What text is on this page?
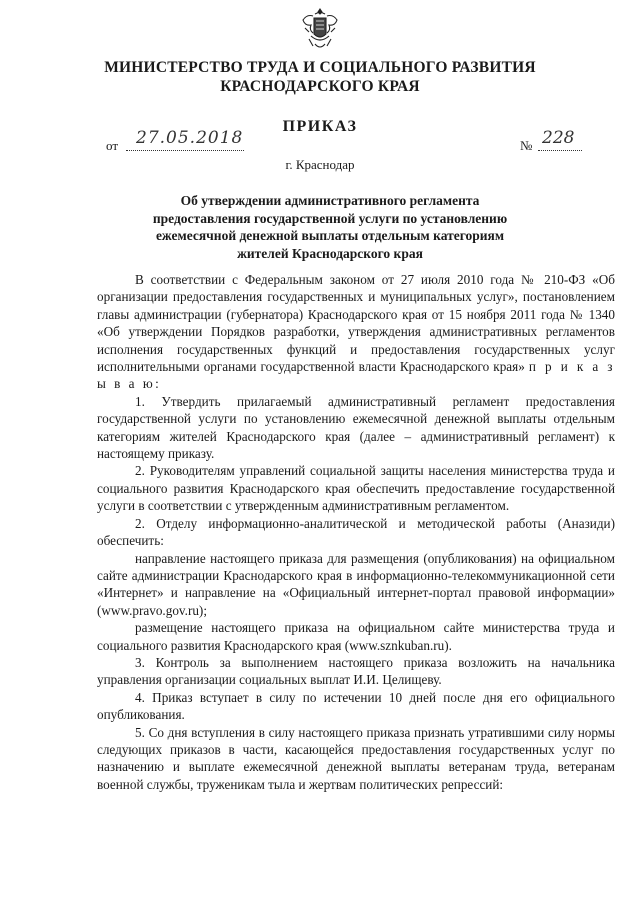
МИНИСТЕРСТВО ТРУДА И СОЦИАЛЬНОГО РАЗВИТИЯ
КРАСНОДАРСКОГО КРАЯ
ПРИКАЗ
от 27.05.2018	№ 228
г. Краснодар
Об утверждении административного регламента
предоставления государственной услуги по установлению
ежемесячной денежной выплаты отдельным категориям
жителей Краснодарского края

В соответствии с Федеральным законом от 27 июля 2010 года № 210-ФЗ «Об организации предоставления государственных и муниципальных услуг», постановлением главы администрации (губернатора) Краснодарского края от 15 ноября 2011 года № 1340 «Об утверждении Порядков разработки, утверждения административных регламентов исполнения государственных функций и предоставления государственных услуг исполнительными органами государственной власти Краснодарского края» п р и к а з ы в а ю:

1. Утвердить прилагаемый административный регламент предоставления государственной услуги по установлению ежемесячной денежной выплаты отдельным категориям жителей Краснодарского края (далее – административный регламент) к настоящему приказу.

2. Руководителям управлений социальной защиты населения министерства труда и социального развития Краснодарского края обеспечить предоставление государственной услуги в соответствии с утвержденным административным регламентом.

2. Отделу информационно-аналитической и методической работы (Аназиди) обеспечить:

направление настоящего приказа для размещения (опубликования) на официальном сайте администрации Краснодарского края в информационно-телекоммуникационной сети «Интернет» и направление на «Официальный интернет-портал правовой информации» (www.pravo.gov.ru);

размещение настоящего приказа на официальном сайте министерства труда и социального развития Краснодарского края (www.sznkuban.ru).

3. Контроль за выполнением настоящего приказа возложить на начальника управления организации социальных выплат И.И. Целищеву.

4. Приказ вступает в силу по истечении 10 дней после дня его официального опубликования.

5. Со дня вступления в силу настоящего приказа признать утратившими силу нормы следующих приказов в части, касающейся предоставления государственных услуг по назначению и выплате ежемесячной денежной выплаты ветеранам труда, ветеранам военной службы, труженикам тыла и жертвам политических репрессий:
